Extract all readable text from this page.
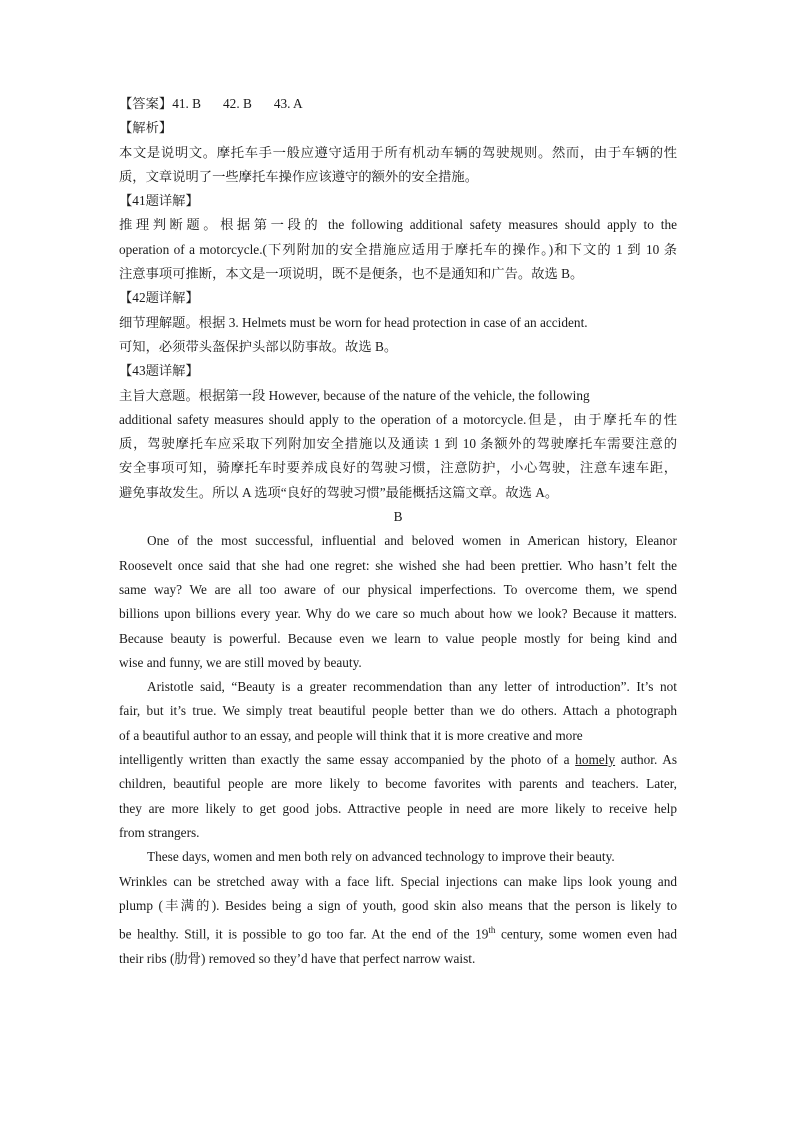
【答案】41. B 42. B 43. A
【解析】
本文是说明文。摩托车手一般应遵守适用于所有机动车辆的驾驶规则。然而，由于车辆的性
质，文章说明了一些摩托车操作应该遵守的额外的安全措施。
【41题详解】
推理判断题。根据第一段的 the following additional safety measures should apply to the
operation of a motorcycle.(下列附加的安全措施应适用于摩托车的操作。)和下文的 1 到 10 条
注意事项可推断，本文是一项说明，既不是便条，也不是通知和广告。故选 B。
【42题详解】
细节理解题。根据 3. Helmets must be worn for head protection in case of an accident.
可知，必须带头盔保护头部以防事故。故选 B。
【43题详解】
主旨大意题。根据第一段 However, because of the nature of the vehicle, the following
additional safety measures should apply to the operation of a motorcycle.但是，由于摩托车的性
质，驾驶摩托车应采取下列附加安全措施以及通读 1 到 10 条额外的驾驶摩托车需要注意的
安全事项可知，骑摩托车时要养成良好的驾驶习惯，注意防护，小心驾驶，注意车速车距，
避免事故发生。所以 A 选项“良好的驾驶习惯”最能概括这篇文章。故选 A。
B
One of the most successful, influential and beloved women in American history, Eleanor
Roosevelt once said that she had one regret: she wished she had been prettier. Who hasn’t felt the
same way? We are all too aware of our physical imperfections. To overcome them, we spend
billions upon billions every year. Why do we care so much about how we look? Because it matters.
Because beauty is powerful. Because even we learn to value people mostly for being kind and
wise and funny, we are still moved by beauty.
Aristotle said, “Beauty is a greater recommendation than any letter of introduction”. It’s not
fair, but it’s true. We simply treat beautiful people better than we do others. Attach a photograph
of a beautiful author to an essay, and people will think that it is more creative and more
intelligently written than exactly the same essay accompanied by the photo of a homely author. As
children, beautiful people are more likely to become favorites with parents and teachers. Later,
they are more likely to get good jobs. Attractive people in need are more likely to receive help
from strangers.
These days, women and men both rely on advanced technology to improve their beauty.
Wrinkles can be stretched away with a face lift. Special injections can make lips look young and
plump (丰满的). Besides being a sign of youth, good skin also means that the person is likely to
be healthy. Still, it is possible to go too far. At the end of the 19th century, some women even had
their ribs (肋骨) removed so they’d have that perfect narrow waist.
